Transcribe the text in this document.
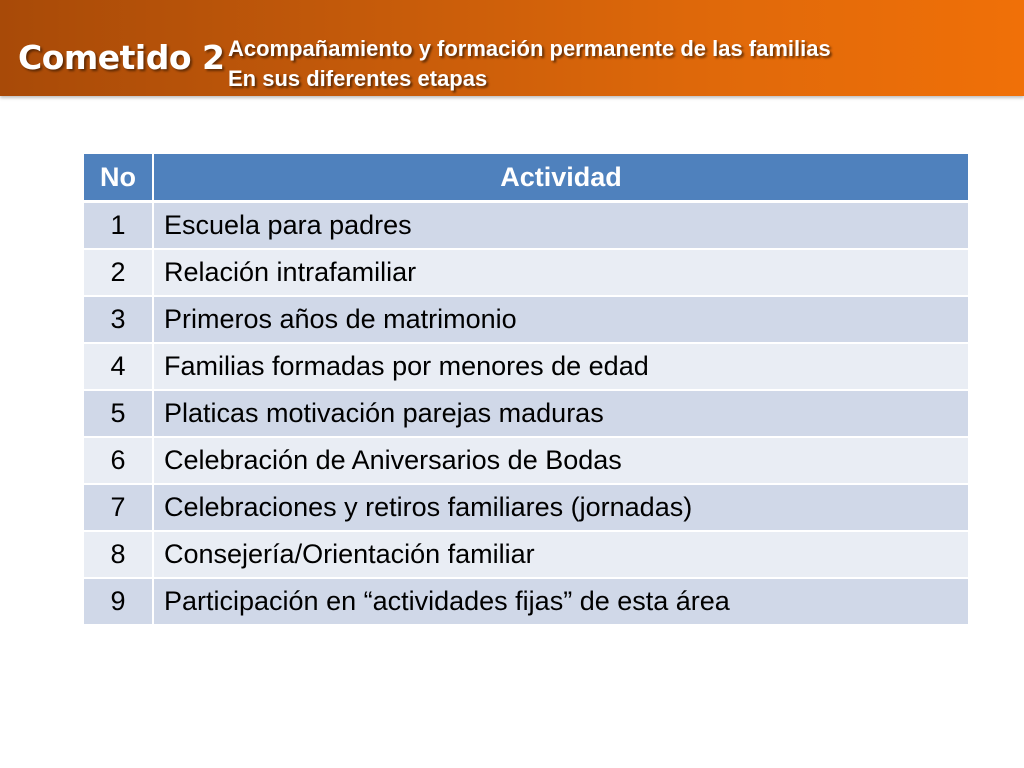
Cometido 2 Acompañamiento y formación permanente de las familias
En sus diferentes etapas
No	Actividad
1	Escuela para padres
2	Relación intrafamiliar
3	Primeros años de matrimonio
4	Familias formadas por menores de edad
5	Platicas motivación parejas maduras
6	Celebración de Aniversarios de Bodas
7	Celebraciones y retiros familiares (jornadas)
8	Consejería/Orientación familiar
9	Participación en “actividades fijas” de esta área
